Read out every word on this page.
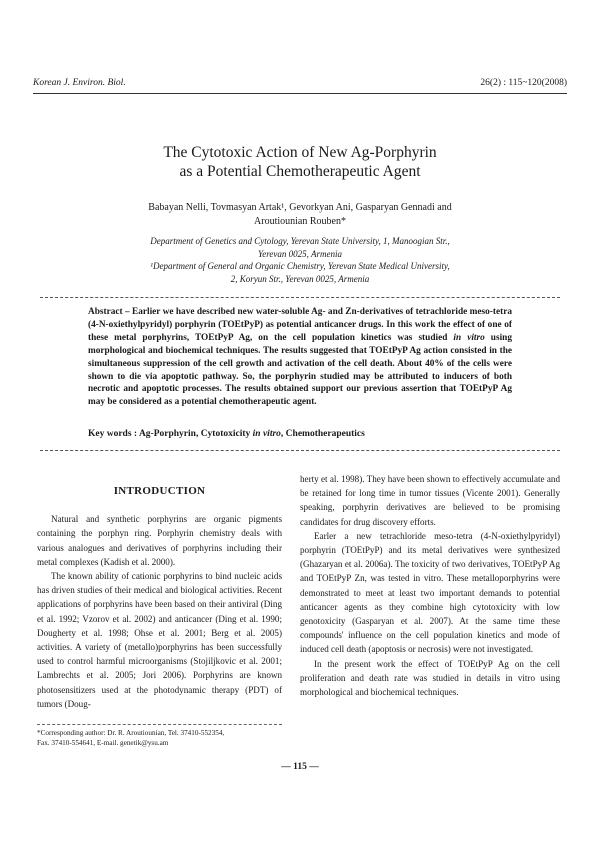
Korean J. Environ. Biol.	26(2) : 115~120(2008)
The Cytotoxic Action of New Ag-Porphyrin
as a Potential Chemotherapeutic Agent
Babayan Nelli, Tovmasyan Artak¹, Gevorkyan Ani, Gasparyan Gennadi and
Aroutiounian Rouben*
Department of Genetics and Cytology, Yerevan State University, 1, Manoogian Str.,
Yerevan 0025, Armenia
¹Department of General and Organic Chemistry, Yerevan State Medical University,
2, Koryun Str., Yerevan 0025, Armenia
Abstract – Earlier we have described new water-soluble Ag- and Zn-derivatives of tetrachloride meso-tetra (4-N-oxiethylpyridyl) porphyrin (TOEtPyP) as potential anticancer drugs. In this work the effect of one of these metal porphyrins, TOEtPyP Ag, on the cell population kinetics was studied in vitro using morphological and biochemical techniques. The results suggested that TOEtPyP Ag action consisted in the simultaneous suppression of the cell growth and activation of the cell death. About 40% of the cells were shown to die via apoptotic pathway. So, the porphyrin studied may be attributed to inducers of both necrotic and apoptotic processes. The results obtained support our previous assertion that TOEtPyP Ag may be considered as a potential chemotherapeutic agent.
Key words : Ag-Porphyrin, Cytotoxicity in vitro, Chemotherapeutics
INTRODUCTION

Natural and synthetic porphyrins are organic pigments containing the porphyn ring. Porphyrin chemistry deals with various analogues and derivatives of porphyrins including their metal complexes (Kadish et al. 2000).

The known ability of cationic porphyrins to bind nucleic acids has driven studies of their medical and biological activities. Recent applications of porphyrins have been based on their antiviral (Ding et al. 1992; Vzorov et al. 2002) and anticancer (Ding et al. 1990; Dougherty et al. 1998; Ohse et al. 2001; Berg et al. 2005) activities. A variety of (metallo)porphyrins has been successfully used to control harmful microorganisms (Stojiljkovic et al. 2001; Lambrechts et al. 2005; Jori 2006). Porphyrins are known photosensitizers used at the photodynamic therapy (PDT) of tumors (Doug-

herty et al. 1998). They have been shown to effectively accumulate and be retained for long time in tumor tissues (Vicente 2001). Generally speaking, porphyrin derivatives are believed to be promising candidates for drug discovery efforts.

Earler a new tetrachloride meso-tetra (4-N-oxiethylpyridyl) porphyrin (TOEtPyP) and its metal derivatives were synthesized (Ghazaryan et al. 2006a). The toxicity of two derivatives, TOEtPyP Ag and TOEtPyP Zn, was tested in vitro. These metalloporphyrins were demonstrated to meet at least two important demands to potential anticancer agents as they combine high cytotoxicity with low genotoxicity (Gasparyan et al. 2007). At the same time these compounds' influence on the cell population kinetics and mode of induced cell death (apoptosis or necrosis) were not investigated.

In the present work the effect of TOEtPyP Ag on the cell proliferation and death rate was studied in details in vitro using morphological and biochemical techniques.

*Corresponding author: Dr. R. Aroutiounian, Tel. 37410-552354,
Fax. 37410-554641, E-mail. genetik@ysu.am
— 115 —
